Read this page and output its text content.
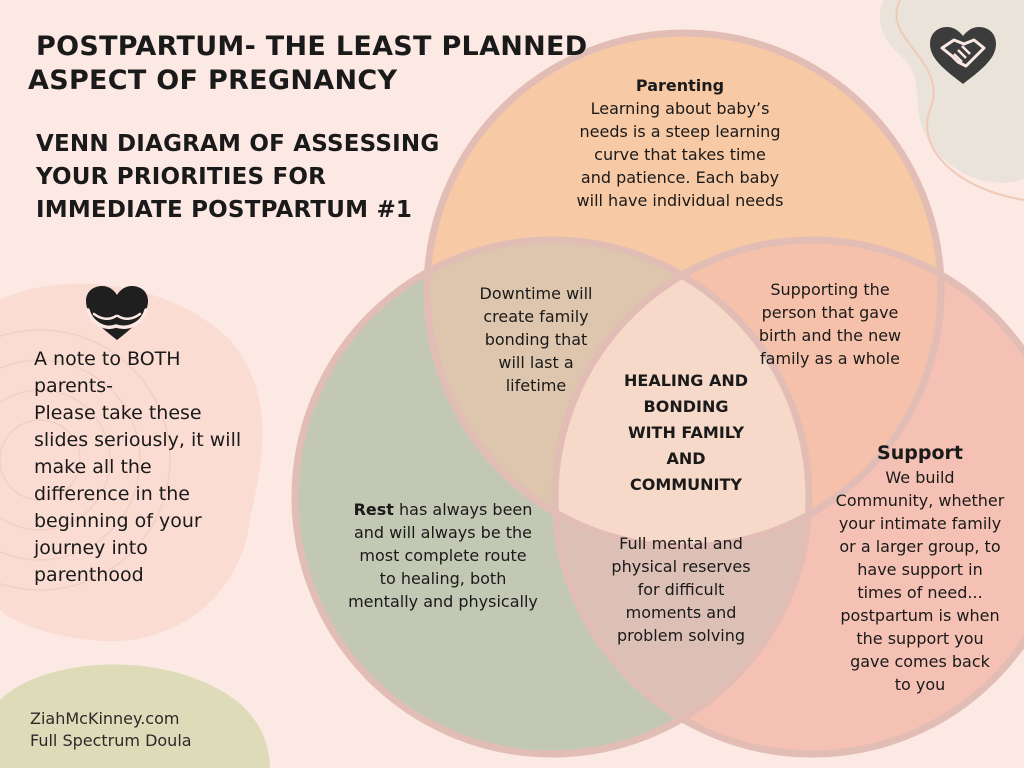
POSTPARTUM- THE LEAST PLANNED
ASPECT OF PREGNANCY
VENN DIAGRAM OF ASSESSING
YOUR PRIORITIES FOR
IMMEDIATE POSTPARTUM #1
A note to BOTH
parents-
Please take these
slides seriously, it will
make all the
difference in the
beginning of your
journey into
parenthood
Parenting
Learning about baby’s
needs is a steep learning
curve that takes time
and patience. Each baby
will have individual needs
Downtime will
create family
bonding that
will last a
lifetime
Supporting the
person that gave
birth and the new
family as a whole
HEALING AND
BONDING
WITH FAMILY
AND
COMMUNITY
Rest has always been
and will always be the
most complete route
to healing, both
mentally and physically
Full mental and
physical reserves
for difficult
moments and
problem solving
Support
We build
Community, whether
your intimate family
or a larger group, to
have support in
times of need...
postpartum is when
the support you
gave comes back
to you
ZiahMcKinney.com
Full Spectrum Doula
